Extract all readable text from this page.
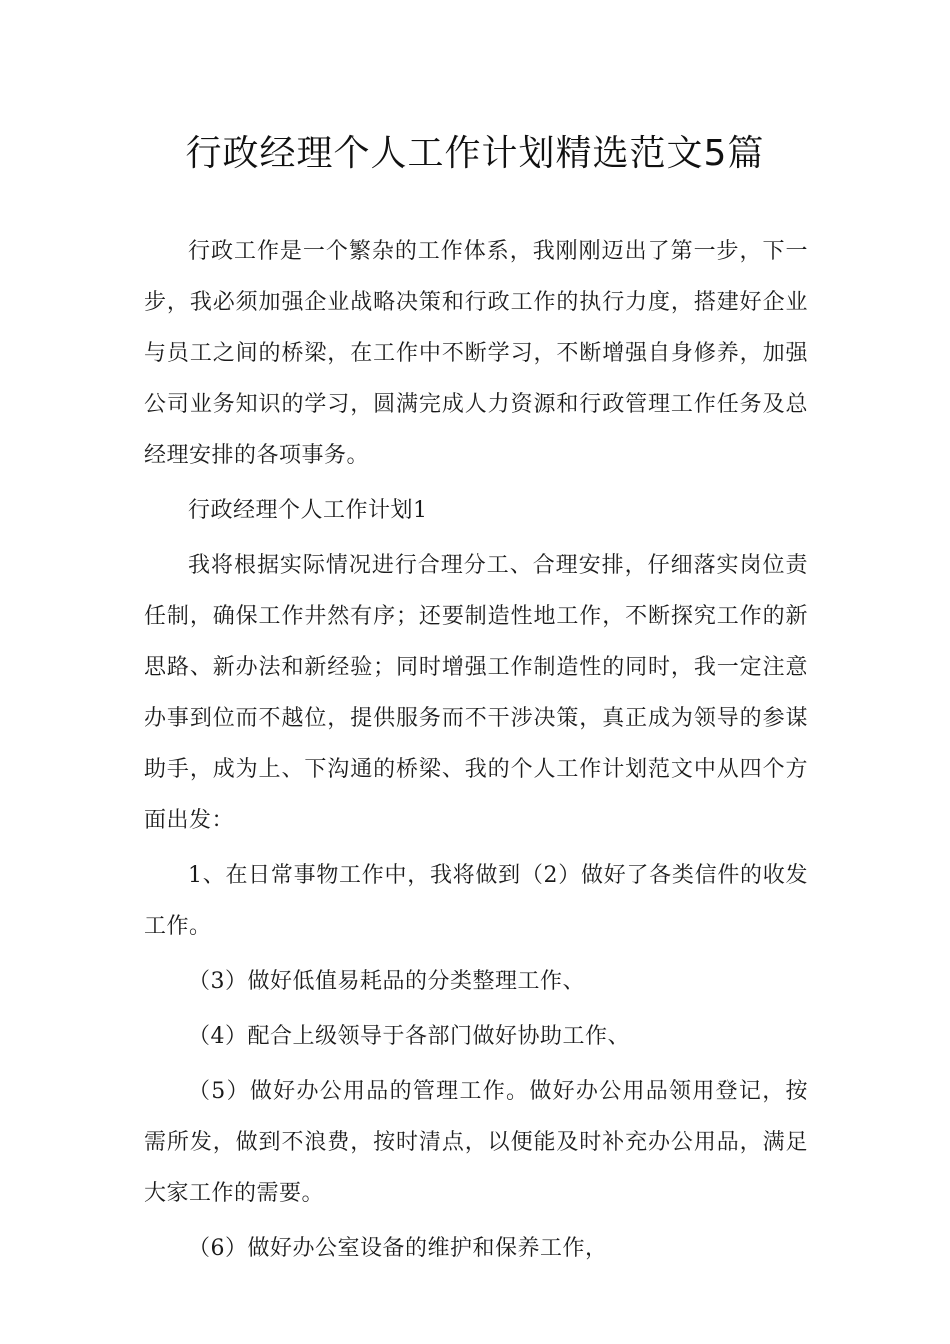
行政经理个人工作计划精选范文5篇

行政工作是一个繁杂的工作体系，我刚刚迈出了第一步，下一步，我必须加强企业战略决策和行政工作的执行力度，搭建好企业与员工之间的桥梁，在工作中不断学习，不断增强自身修养，加强公司业务知识的学习，圆满完成人力资源和行政管理工作任务及总经理安排的各项事务。

行政经理个人工作计划1

我将根据实际情况进行合理分工、合理安排，仔细落实岗位责任制，确保工作井然有序；还要制造性地工作，不断探究工作的新思路、新办法和新经验；同时增强工作制造性的同时，我一定注意办事到位而不越位，提供服务而不干涉决策，真正成为领导的参谋助手，成为上、下沟通的桥梁、我的个人工作计划范文中从四个方面出发：

1、在日常事物工作中，我将做到（2）做好了各类信件的收发工作。

（3）做好低值易耗品的分类整理工作、

（4）配合上级领导于各部门做好协助工作、

（5）做好办公用品的管理工作。做好办公用品领用登记，按需所发，做到不浪费，按时清点，以便能及时补充办公用品，满足大家工作的需要。

（6）做好办公室设备的维护和保养工作，
